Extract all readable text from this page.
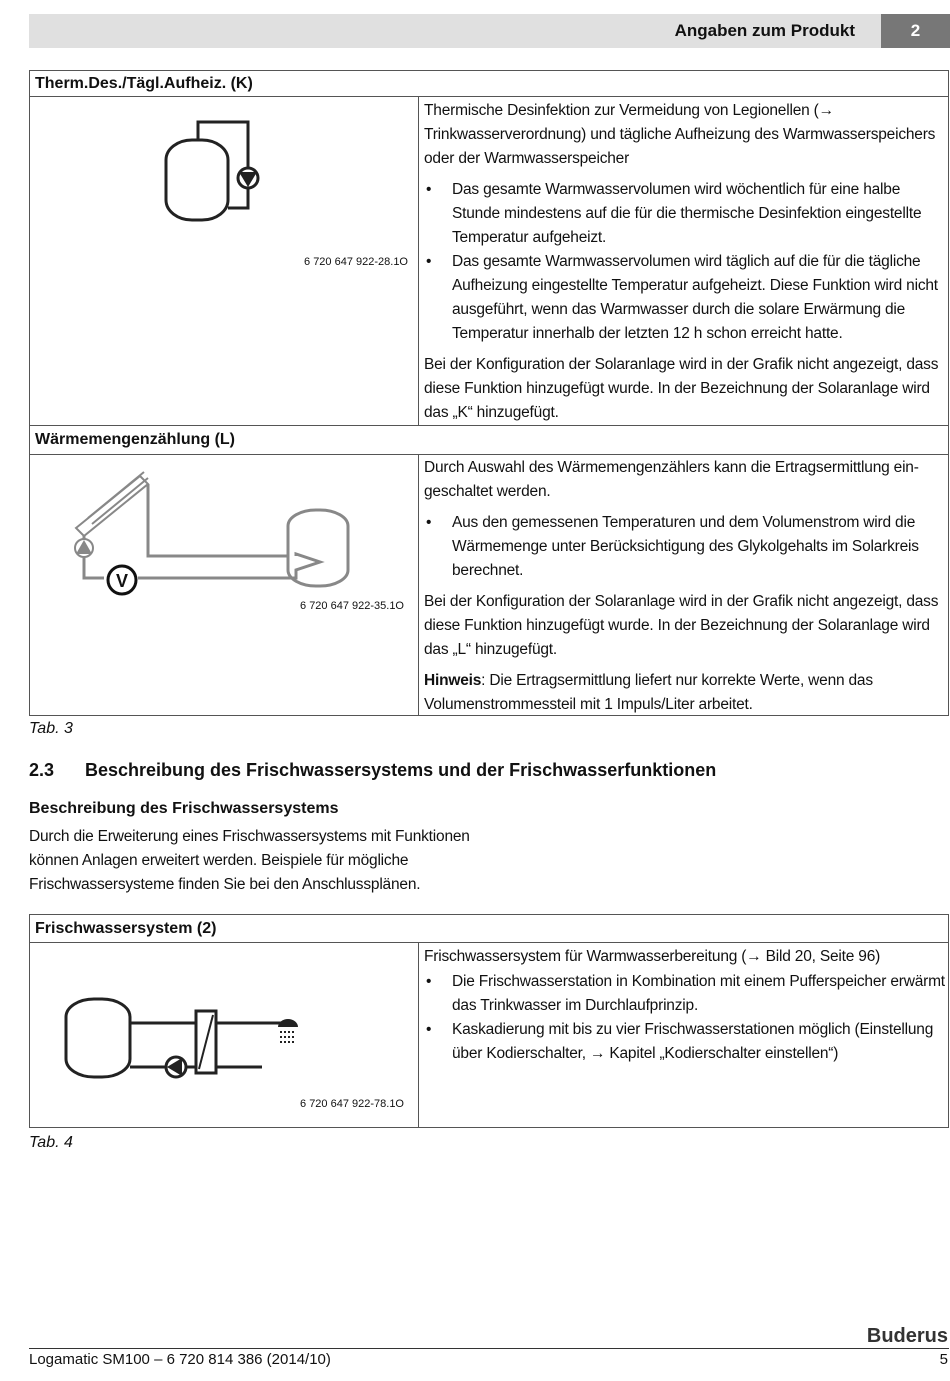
Angaben zum Produkt	2
Therm.Des./Tägl.Aufheiz. (K)
6 720 647 922-28.1O

Thermische Desinfektion zur Vermeidung von Legionellen (→ Trinkwasserverordnung) und tägliche Aufheizung des Warmwasserspeichers oder der Warmwasserspeicher

• Das gesamte Warmwasservolumen wird wöchentlich für eine halbe Stunde mindestens auf die für die thermische Desinfektion eingestellte Temperatur aufgeheizt.
• Das gesamte Warmwasservolumen wird täglich auf die für die tägliche Aufheizung eingestellte Temperatur aufgeheizt. Diese Funktion wird nicht ausgeführt, wenn das Warmwasser durch die solare Erwärmung die Temperatur innerhalb der letzten 12 h schon erreicht hatte.

Bei der Konfiguration der Solaranlage wird in der Grafik nicht angezeigt, dass diese Funktion hinzugefügt wurde. In der Bezeichnung der Solaranlage wird das „K“ hinzugefügt.

Wärmemengenzählung (L)
V
6 720 647 922-35.1O

Durch Auswahl des Wärmemengenzählers kann die Ertragsermittlung eingeschaltet werden.

• Aus den gemessenen Temperaturen und dem Volumenstrom wird die Wärmemenge unter Berücksichtigung des Glykolgehalts im Solarkreis berechnet.

Bei der Konfiguration der Solaranlage wird in der Grafik nicht angezeigt, dass diese Funktion hinzugefügt wurde. In der Bezeichnung der Solaranlage wird das „L“ hinzugefügt.

Hinweis: Die Ertragsermittlung liefert nur korrekte Werte, wenn das Volumenstrommessteil mit 1 Impuls/Liter arbeitet.

Tab. 3
2.3 Beschreibung des Frischwassersystems und der Frischwasserfunktionen
Beschreibung des Frischwassersystems
Durch die Erweiterung eines Frischwassersystems mit Funktionen können Anlagen erweitert werden. Beispiele für mögliche Frischwassersysteme finden Sie bei den Anschlussplänen.
Frischwassersystem (2)
6 720 647 922-78.1O

Frischwassersystem für Warmwasserbereitung (→ Bild 20, Seite 96)

• Die Frischwasserstation in Kombination mit einem Pufferspeicher erwärmt das Trinkwasser im Durchlaufprinzip.
• Kaskadierung mit bis zu vier Frischwasserstationen möglich (Einstellung über Kodierschalter, → Kapitel „Kodierschalter einstellen“)
Tab. 4
Buderus
Logamatic SM100 – 6 720 814 386 (2014/10)	5
